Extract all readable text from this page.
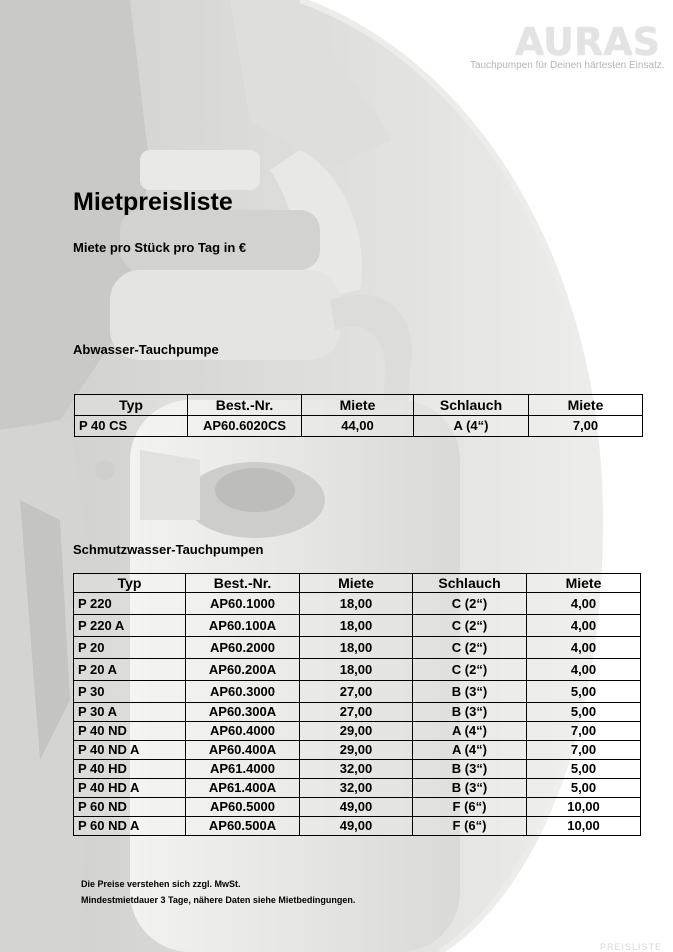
AURAS
Tauchpumpen für Deinen härtesten Einsatz.
Mietpreisliste
Miete pro Stück pro Tag in €
Abwasser-Tauchpumpe
Typ	Best.-Nr.	Miete	Schlauch	Miete
P 40 CS	AP60.6020CS	44,00	A (4“)	7,00
Schmutzwasser-Tauchpumpen
Typ	Best.-Nr.	Miete	Schlauch	Miete
P 220	AP60.1000	18,00	C (2“)	4,00
P 220 A	AP60.100A	18,00	C (2“)	4,00
P 20	AP60.2000	18,00	C (2“)	4,00
P 20 A	AP60.200A	18,00	C (2“)	4,00
P 30	AP60.3000	27,00	B (3“)	5,00
P 30 A	AP60.300A	27,00	B (3“)	5,00
P 40 ND	AP60.4000	29,00	A (4“)	7,00
P 40 ND A	AP60.400A	29,00	A (4“)	7,00
P 40 HD	AP61.4000	32,00	B (3“)	5,00
P 40 HD A	AP61.400A	32,00	B (3“)	5,00
P 60 ND	AP60.5000	49,00	F (6“)	10,00
P 60 ND A	AP60.500A	49,00	F (6“)	10,00
Die Preise verstehen sich zzgl. MwSt.
Mindestmietdauer 3 Tage, nähere Daten siehe Mietbedingungen.
PREISLISTE
